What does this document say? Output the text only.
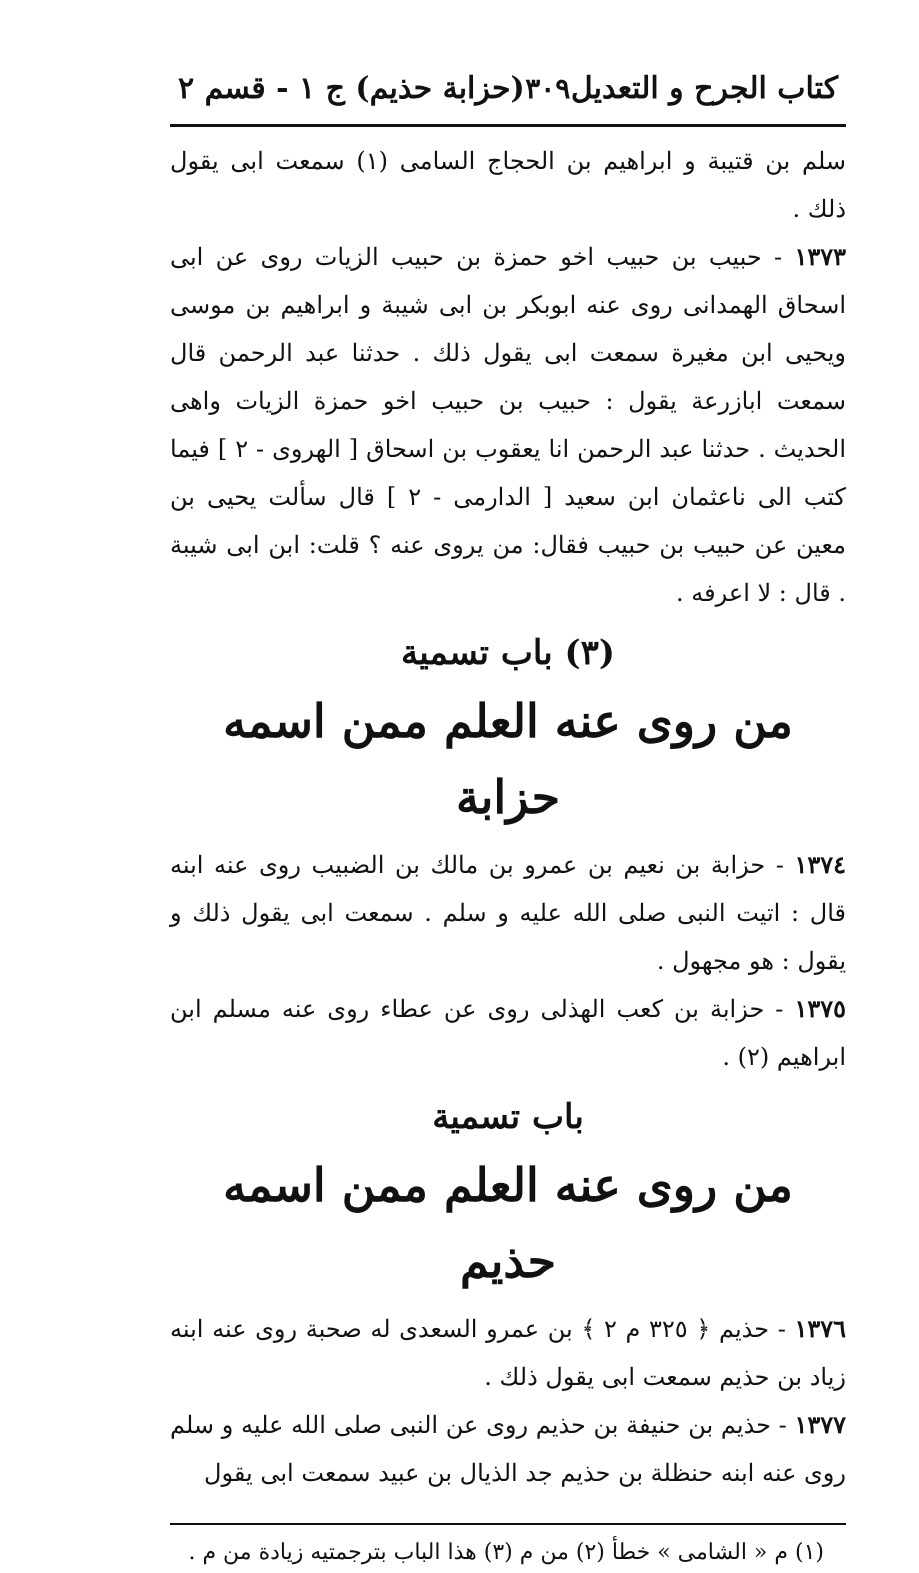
كتاب الجرح و التعديل
٣٠٩
(حزابة حذيم) ج ١ - قسم ٢

سلم بن قتيبة و ابراهيم بن الحجاج السامى (١) سمعت ابى يقول ذلك .

١٣٧٣ - حبيب بن حبيب اخو حمزة بن حبيب الزيات روى عن ابى اسحاق الهمدانى روى عنه ابوبكر بن ابى شيبة و ابراهيم بن موسى ويحيى ابن مغيرة سمعت ابى يقول ذلك . حدثنا عبد الرحمن قال سمعت ابازرعة يقول : حبيب بن حبيب اخو حمزة الزيات واهى الحديث . حدثنا عبد الرحمن انا يعقوب بن اسحاق [ الهروى - ٢ ] فيما كتب الى ناعثمان ابن سعيد [ الدارمى - ٢ ] قال سألت يحيى بن معين عن حبيب بن حبيب فقال: من يروى عنه ؟ قلت: ابن ابى شيبة . قال : لا اعرفه .

(٣) باب تسمية
من روى عنه العلم ممن اسمه حزابة

١٣٧٤ - حزابة بن نعيم بن عمرو بن مالك بن الضبيب روى عنه ابنه قال : اتيت النبى صلى الله عليه و سلم . سمعت ابى يقول ذلك و يقول : هو مجهول .

١٣٧٥ - حزابة بن كعب الهذلى روى عن عطاء روى عنه مسلم ابن ابراهيم (٢) .

باب تسمية
من روى عنه العلم ممن اسمه حذيم

١٣٧٦ - حذيم ﴿ ٣٢٥ م ٢ ﴾ بن عمرو السعدى له صحبة روى عنه ابنه زياد بن حذيم سمعت ابى يقول ذلك .

١٣٧٧ - حذيم بن حنيفة بن حذيم روى عن النبى صلى الله عليه و سلم روى عنه ابنه حنظلة بن حذيم جد الذيال بن عبيد سمعت ابى يقول

(١) م « الشامى » خطأ (٢) من م (٣) هذا الباب بترجمتيه زيادة من م .
